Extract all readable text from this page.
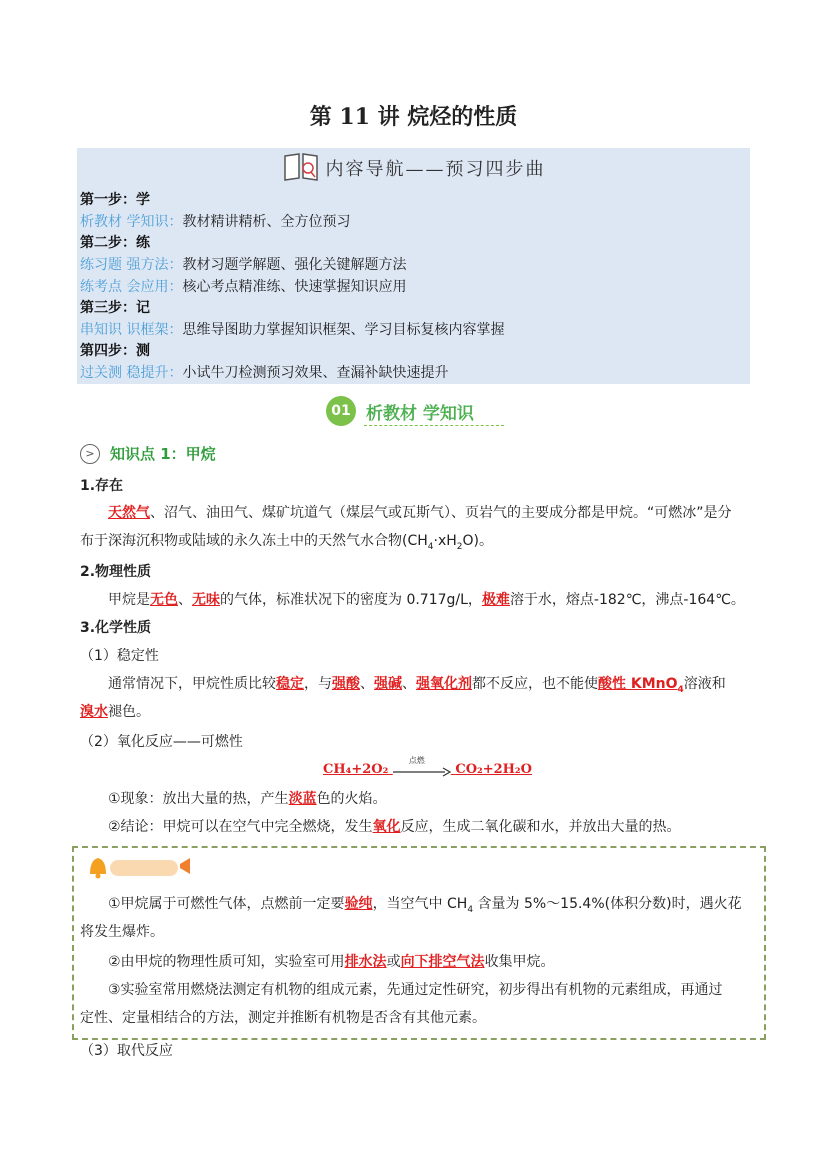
第 11 讲 烷烃的性质
内容导航——预习四步曲
第一步：学
析教材 学知识：教材精讲精析、全方位预习
第二步：练
练习题 强方法：教材习题学解题、强化关键解题方法
练考点 会应用：核心考点精准练、快速掌握知识应用
第三步：记
串知识 识框架：思维导图助力掌握知识框架、学习目标复核内容掌握
第四步：测
过关测 稳提升：小试牛刀检测预习效果、查漏补缺快速提升
01 析教材 学知识
>	知识点 1：甲烷
1.存在
天然气、沼气、油田气、煤矿坑道气（煤层气或瓦斯气）、页岩气的主要成分都是甲烷。“可燃冰”是分
布于深海沉积物或陆域的永久冻土中的天然气水合物$(CH_4\cdot xH_2O)$。
2.物理性质
甲烷是无色、无味的气体，标准状况下的密度为 0.717g/L，极难溶于水，熔点-182℃，沸点-164℃。
3.化学性质
（1）稳定性
通常情况下，甲烷性质比较稳定，与强酸、强碱、强氧化剂都不反应，也不能使酸性 KMnO$_4$溶液和
溴水褪色。
（2）氧化反应——可燃性
CH₄+2O₂
点燃
CO₂+2H₂O
①现象：放出大量的热，产生淡蓝色的火焰。
②结论：甲烷可以在空气中完全燃烧，发生氧化反应，生成二氧化碳和水，并放出大量的热。
①甲烷属于可燃性气体，点燃前一定要验纯，当空气中 $CH_4$ 含量为 5%～15.4%(体积分数)时，遇火花
将发生爆炸。
②由甲烷的物理性质可知，实验室可用排水法或向下排空气法收集甲烷。
③实验室常用燃烧法测定有机物的组成元素，先通过定性研究，初步得出有机物的元素组成，再通过
定性、定量相结合的方法，测定并推断有机物是否含有其他元素。
（3）取代反应
